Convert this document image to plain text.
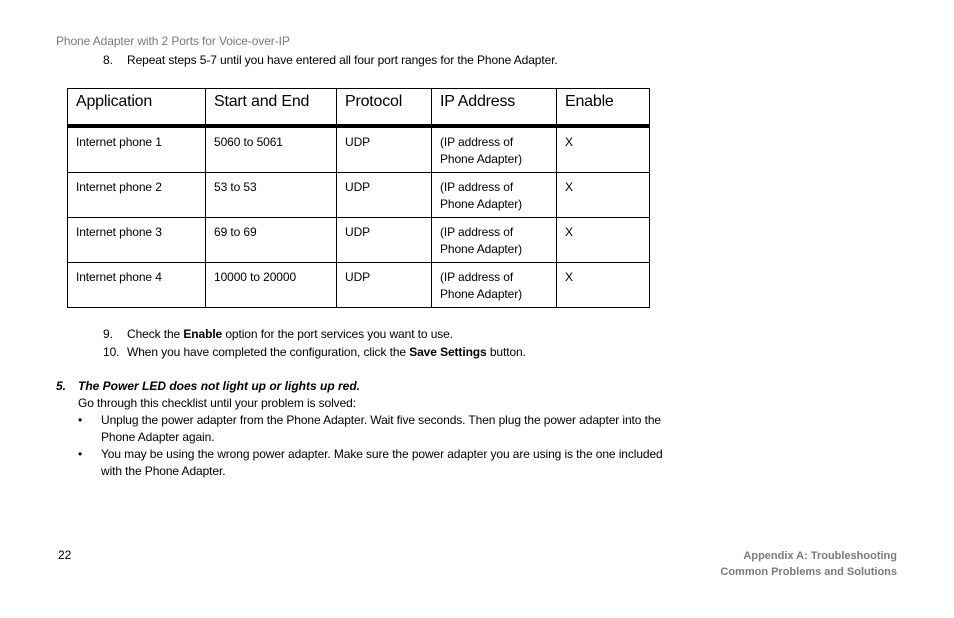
Phone Adapter with 2 Ports for Voice-over-IP
8. Repeat steps 5-7 until you have entered all four port ranges for the Phone Adapter.
Application	Start and End	Protocol	IP Address	Enable
Internet phone 1	5060 to 5061	UDP	(IP address of Phone Adapter)	X
Internet phone 2	53 to 53	UDP	(IP address of Phone Adapter)	X
Internet phone 3	69 to 69	UDP	(IP address of Phone Adapter)	X
Internet phone 4	10000 to 20000	UDP	(IP address of Phone Adapter)	X
9. Check the Enable option for the port services you want to use.
10. When you have completed the configuration, click the Save Settings button.
5. The Power LED does not light up or lights up red.
Go through this checklist until your problem is solved:
• Unplug the power adapter from the Phone Adapter. Wait five seconds. Then plug the power adapter into the Phone Adapter again.
• You may be using the wrong power adapter. Make sure the power adapter you are using is the one included with the Phone Adapter.
22	Appendix A: Troubleshooting
Common Problems and Solutions
